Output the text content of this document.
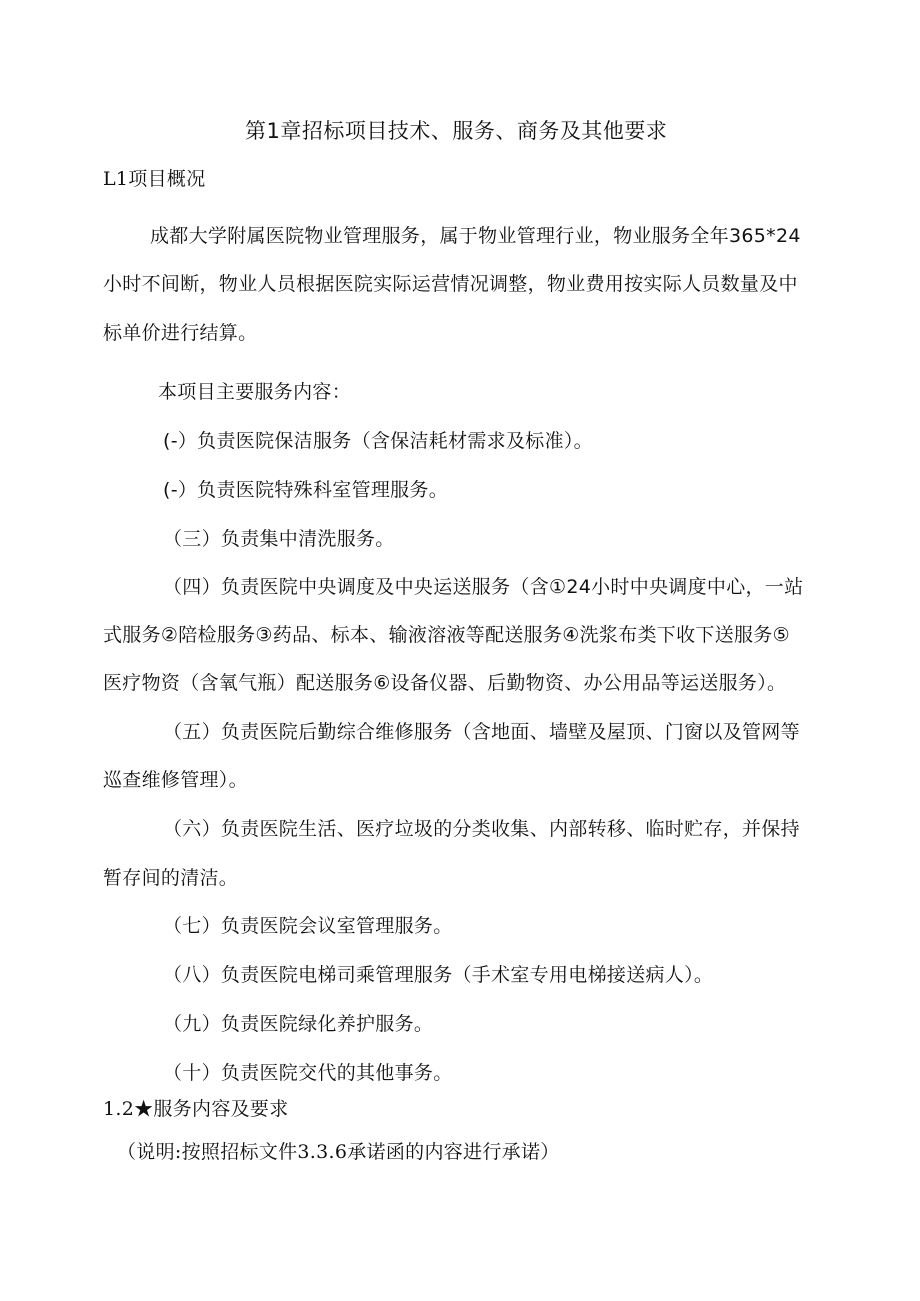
第1章招标项目技术、服务、商务及其他要求
L1项目概况
成都大学附属医院物业管理服务，属于物业管理行业，物业服务全年365*24
小时不间断，物业人员根据医院实际运营情况调整，物业费用按实际人员数量及中
标单价进行结算。
本项目主要服务内容：
(-）负责医院保洁服务（含保洁耗材需求及标准）。
(-）负责医院特殊科室管理服务。
（三）负责集中清洗服务。
（四）负责医院中央调度及中央运送服务（含①24小时中央调度中心，一站
式服务②陪检服务③药品、标本、输液溶液等配送服务④洗浆布类下收下送服务⑤
医疗物资（含氧气瓶）配送服务⑥设备仪器、后勤物资、办公用品等运送服务）。
（五）负责医院后勤综合维修服务（含地面、墙壁及屋顶、门窗以及管网等
巡查维修管理）。
（六）负责医院生活、医疗垃圾的分类收集、内部转移、临时贮存，并保持
暂存间的清洁。
（七）负责医院会议室管理服务。
（八）负责医院电梯司乘管理服务（手术室专用电梯接送病人）。
（九）负责医院绿化养护服务。
（十）负责医院交代的其他事务。
1.2★服务内容及要求
（说明:按照招标文件3.3.6承诺函的内容进行承诺）
